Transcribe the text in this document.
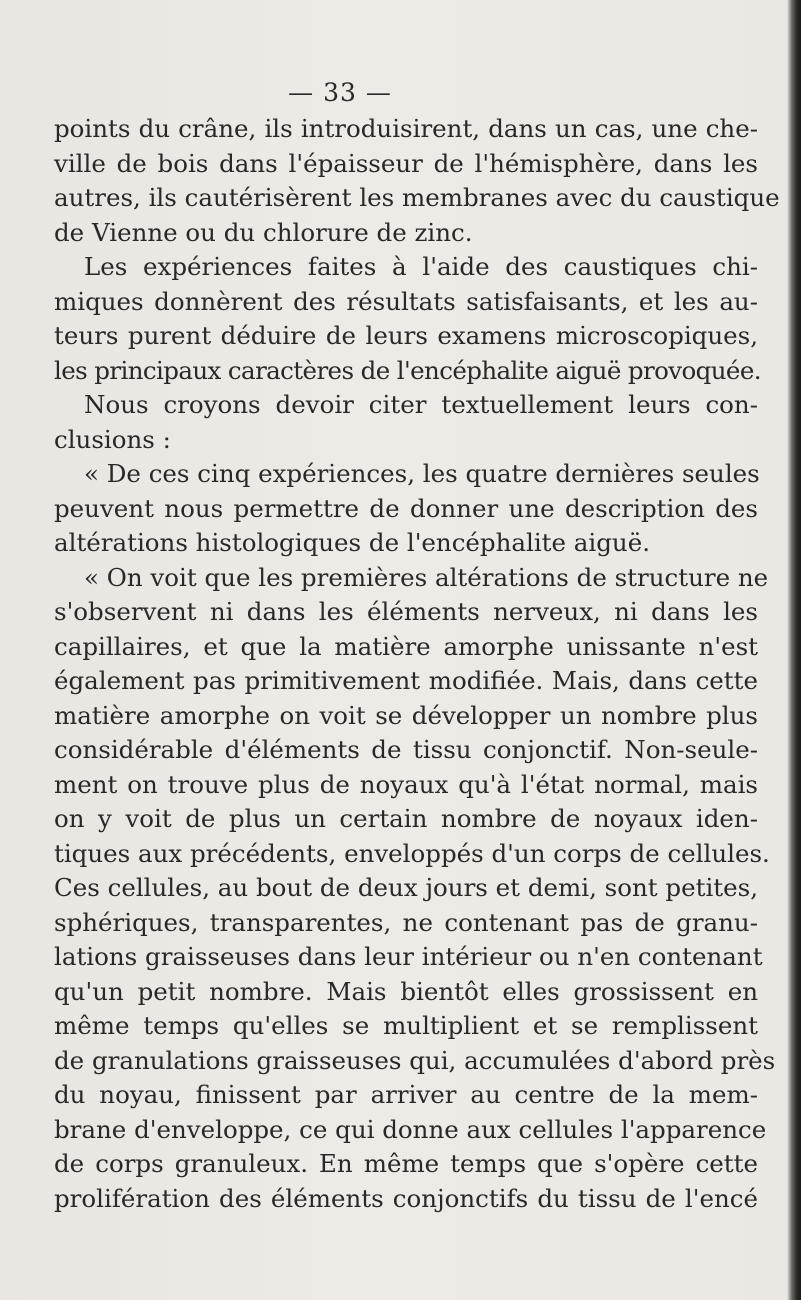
— 33 —
points du crâne, ils introduisirent, dans un cas, une che-
ville de bois dans l'épaisseur de l'hémisphère, dans les
autres, ils cautérisèrent les membranes avec du caustique
de Vienne ou du chlorure de zinc.
Les expériences faites à l'aide des caustiques chi-
miques donnèrent des résultats satisfaisants, et les au-
teurs purent déduire de leurs examens microscopiques,
les principaux caractères de l'encéphalite aiguë provoquée.
Nous croyons devoir citer textuellement leurs con-
clusions :
« De ces cinq expériences, les quatre dernières seules
peuvent nous permettre de donner une description des
altérations histologiques de l'encéphalite aiguë.
« On voit que les premières altérations de structure ne
s'observent ni dans les éléments nerveux, ni dans les
capillaires, et que la matière amorphe unissante n'est
également pas primitivement modifiée. Mais, dans cette
matière amorphe on voit se développer un nombre plus
considérable d'éléments de tissu conjonctif. Non-seule-
ment on trouve plus de noyaux qu'à l'état normal, mais
on y voit de plus un certain nombre de noyaux iden-
tiques aux précédents, enveloppés d'un corps de cellules.
Ces cellules, au bout de deux jours et demi, sont petites,
sphériques, transparentes, ne contenant pas de granu-
lations graisseuses dans leur intérieur ou n'en contenant
qu'un petit nombre. Mais bientôt elles grossissent en
même temps qu'elles se multiplient et se remplissent
de granulations graisseuses qui, accumulées d'abord près
du noyau, finissent par arriver au centre de la mem-
brane d'enveloppe, ce qui donne aux cellules l'apparence
de corps granuleux. En même temps que s'opère cette
prolifération des éléments conjonctifs du tissu de l'encé
